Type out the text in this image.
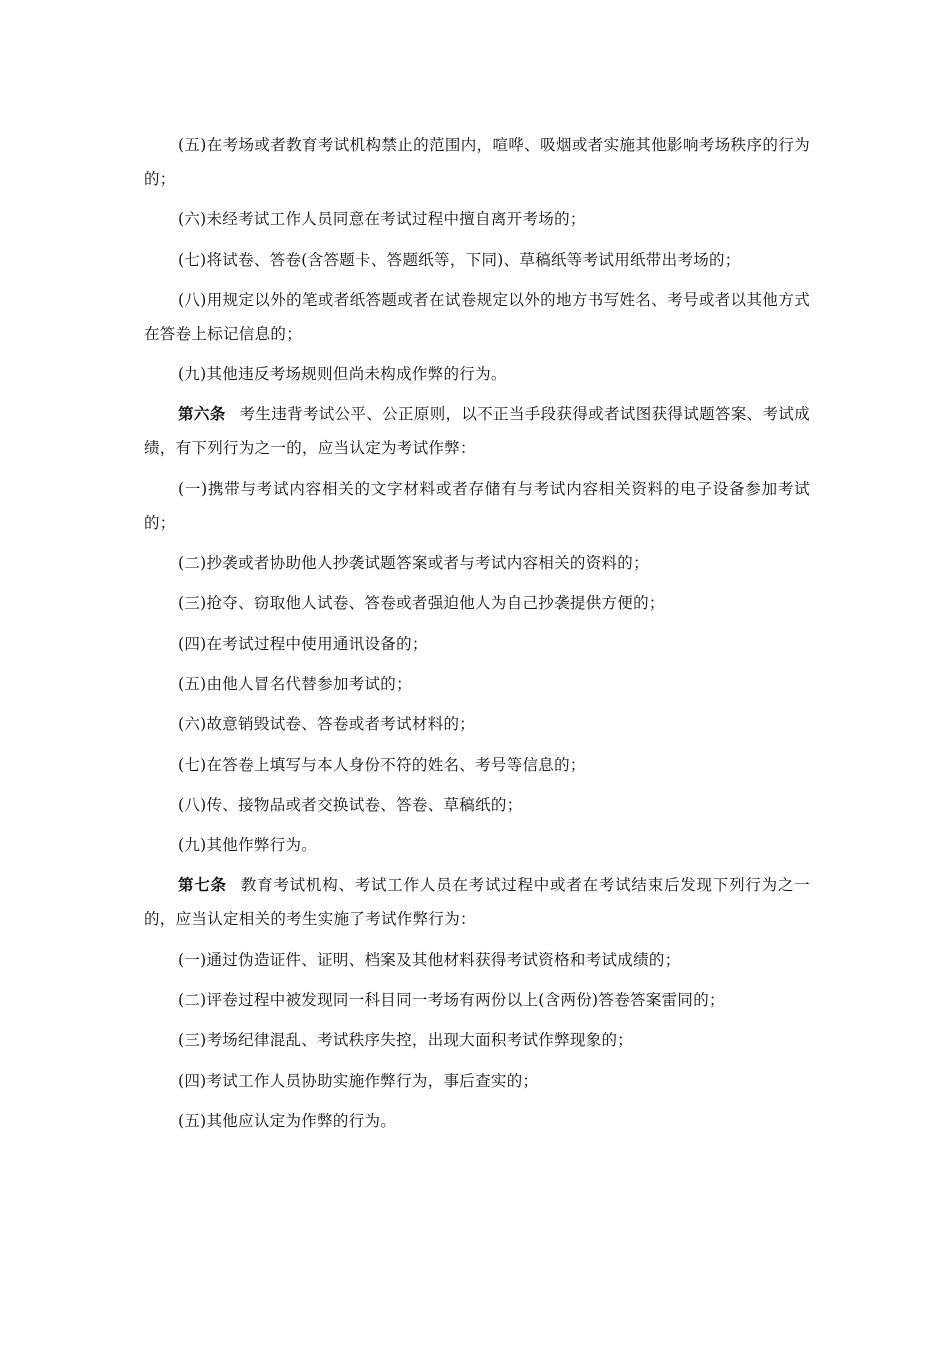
(五)在考场或者教育考试机构禁止的范围内，喧哗、吸烟或者实施其他影响考场秩序的行为的；

(六)未经考试工作人员同意在考试过程中擅自离开考场的；

(七)将试卷、答卷(含答题卡、答题纸等，下同)、草稿纸等考试用纸带出考场的；

(八)用规定以外的笔或者纸答题或者在试卷规定以外的地方书写姓名、考号或者以其他方式在答卷上标记信息的；

(九)其他违反考场规则但尚未构成作弊的行为。

第六条 考生违背考试公平、公正原则，以不正当手段获得或者试图获得试题答案、考试成绩，有下列行为之一的，应当认定为考试作弊：

(一)携带与考试内容相关的文字材料或者存储有与考试内容相关资料的电子设备参加考试的；

(二)抄袭或者协助他人抄袭试题答案或者与考试内容相关的资料的；

(三)抢夺、窃取他人试卷、答卷或者强迫他人为自己抄袭提供方便的；

(四)在考试过程中使用通讯设备的；

(五)由他人冒名代替参加考试的；

(六)故意销毁试卷、答卷或者考试材料的；

(七)在答卷上填写与本人身份不符的姓名、考号等信息的；

(八)传、接物品或者交换试卷、答卷、草稿纸的；

(九)其他作弊行为。

第七条 教育考试机构、考试工作人员在考试过程中或者在考试结束后发现下列行为之一的，应当认定相关的考生实施了考试作弊行为：

(一)通过伪造证件、证明、档案及其他材料获得考试资格和考试成绩的；

(二)评卷过程中被发现同一科目同一考场有两份以上(含两份)答卷答案雷同的；

(三)考场纪律混乱、考试秩序失控，出现大面积考试作弊现象的；

(四)考试工作人员协助实施作弊行为，事后查实的；

(五)其他应认定为作弊的行为。
